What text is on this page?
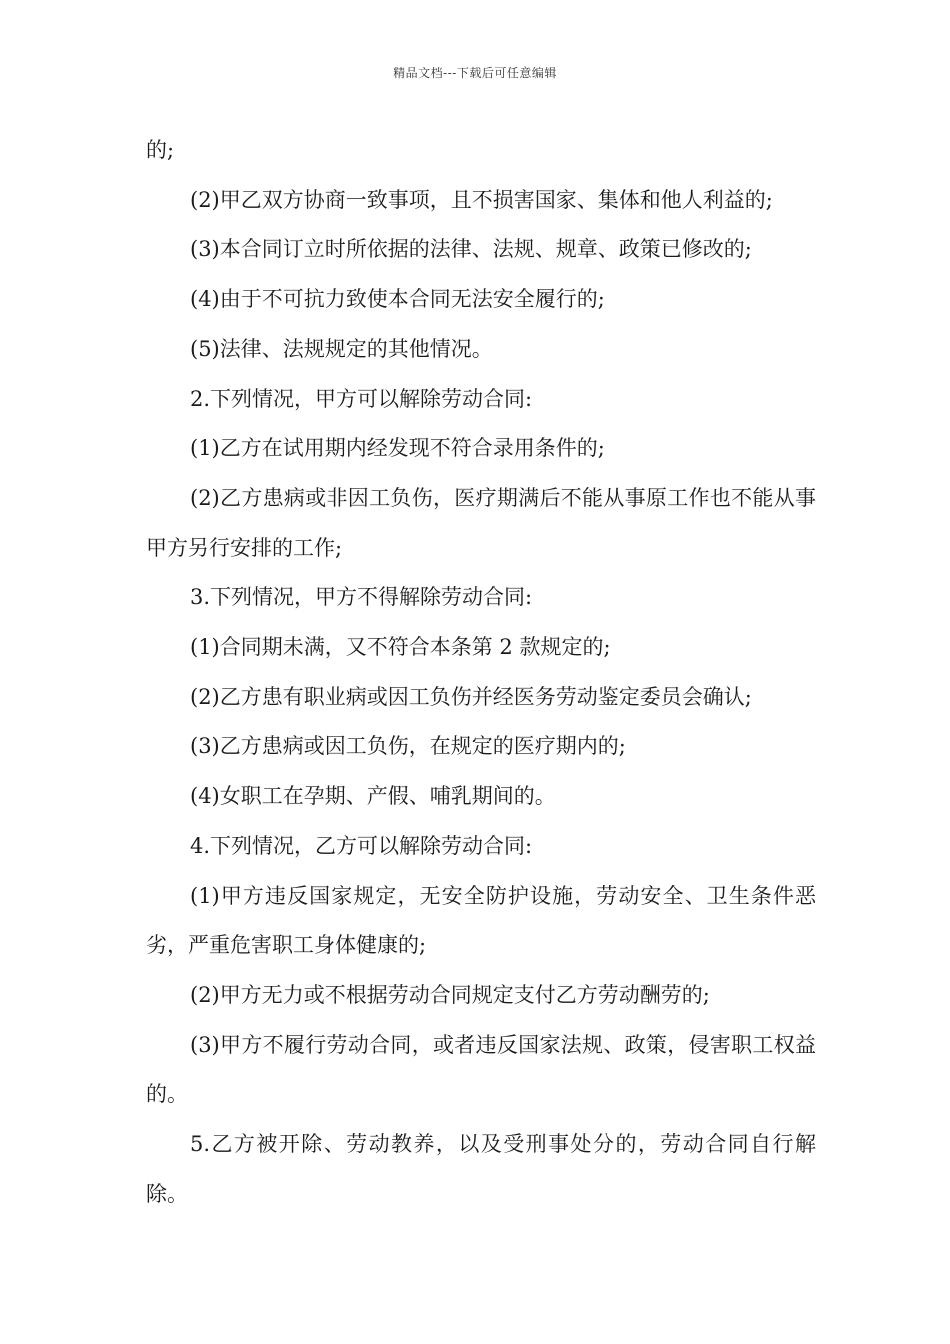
精品文档---下载后可任意编辑

的;

(2)甲乙双方协商一致事项，且不损害国家、集体和他人利益的;

(3)本合同订立时所依据的法律、法规、规章、政策已修改的;

(4)由于不可抗力致使本合同无法安全履行的;

(5)法律、法规规定的其他情况。

2.下列情况，甲方可以解除劳动合同:

(1)乙方在试用期内经发现不符合录用条件的;

(2)乙方患病或非因工负伤，医疗期满后不能从事原工作也不能从事甲方另行安排的工作;

3.下列情况，甲方不得解除劳动合同:

(1)合同期未满，又不符合本条第 2 款规定的;

(2)乙方患有职业病或因工负伤并经医务劳动鉴定委员会确认;

(3)乙方患病或因工负伤，在规定的医疗期内的;

(4)女职工在孕期、产假、哺乳期间的。

4.下列情况，乙方可以解除劳动合同:

(1)甲方违反国家规定，无安全防护设施，劳动安全、卫生条件恶劣，严重危害职工身体健康的;

(2)甲方无力或不根据劳动合同规定支付乙方劳动酬劳的;

(3)甲方不履行劳动合同，或者违反国家法规、政策，侵害职工权益的。

5.乙方被开除、劳动教养，以及受刑事处分的，劳动合同自行解除。
